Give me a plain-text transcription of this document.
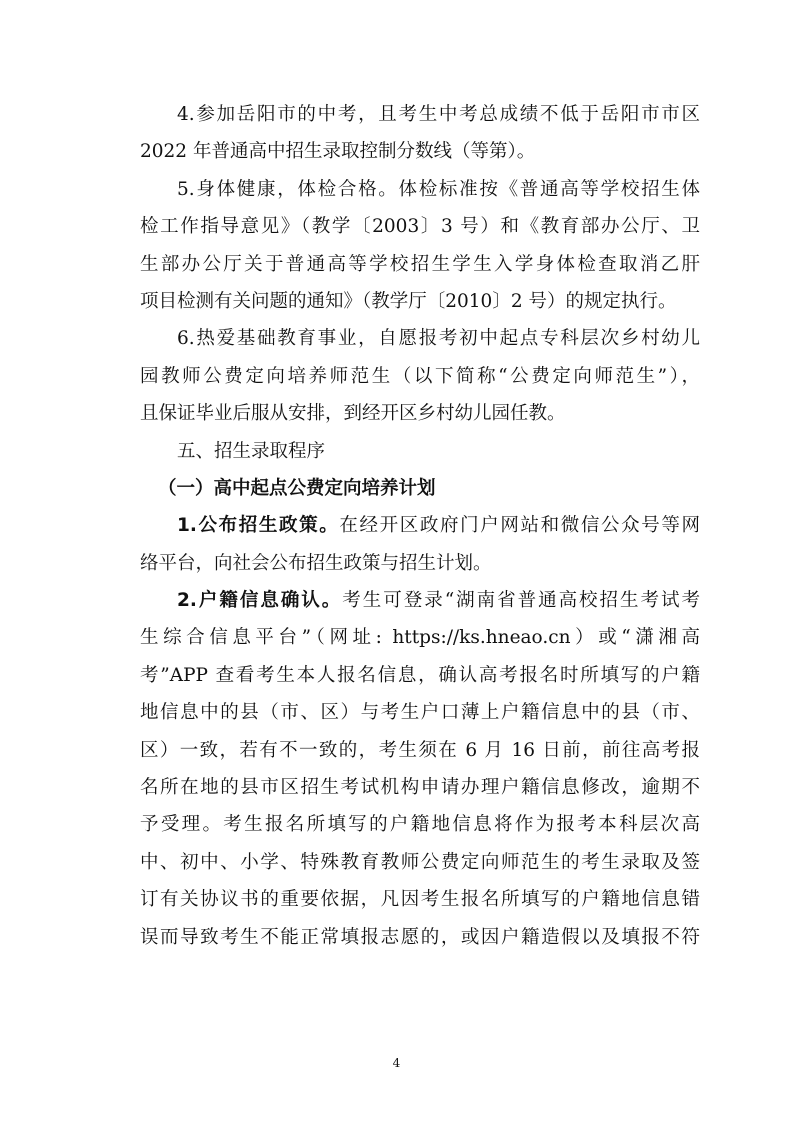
4.参加岳阳市的中考，且考生中考总成绩不低于岳阳市市区
2022 年普通高中招生录取控制分数线（等第）。
5.身体健康，体检合格。体检标准按《普通高等学校招生体
检工作指导意见》（教学〔2003〕3 号）和《教育部办公厅、卫
生部办公厅关于普通高等学校招生学生入学身体检查取消乙肝
项目检测有关问题的通知》（教学厅〔2010〕2 号）的规定执行。
6.热爱基础教育事业，自愿报考初中起点专科层次乡村幼儿
园教师公费定向培养师范生（以下简称“公费定向师范生”），
且保证毕业后服从安排，到经开区乡村幼儿园任教。
五、招生录取程序
（一）高中起点公费定向培养计划
1.公布招生政策。在经开区政府门户网站和微信公众号等网
络平台，向社会公布招生政策与招生计划。
2.户籍信息确认。考生可登录“湖南省普通高校招生考试考
生综合信息平台”（网址: https://ks.hneao.cn）或“潇湘高
考”APP 查看考生本人报名信息，确认高考报名时所填写的户籍
地信息中的县（市、区）与考生户口薄上户籍信息中的县（市、
区）一致，若有不一致的，考生须在 6 月 16 日前，前往高考报
名所在地的县市区招生考试机构申请办理户籍信息修改，逾期不
予受理。考生报名所填写的户籍地信息将作为报考本科层次高
中、初中、小学、特殊教育教师公费定向师范生的考生录取及签
订有关协议书的重要依据，凡因考生报名所填写的户籍地信息错
误而导致考生不能正常填报志愿的，或因户籍造假以及填报不符
4
